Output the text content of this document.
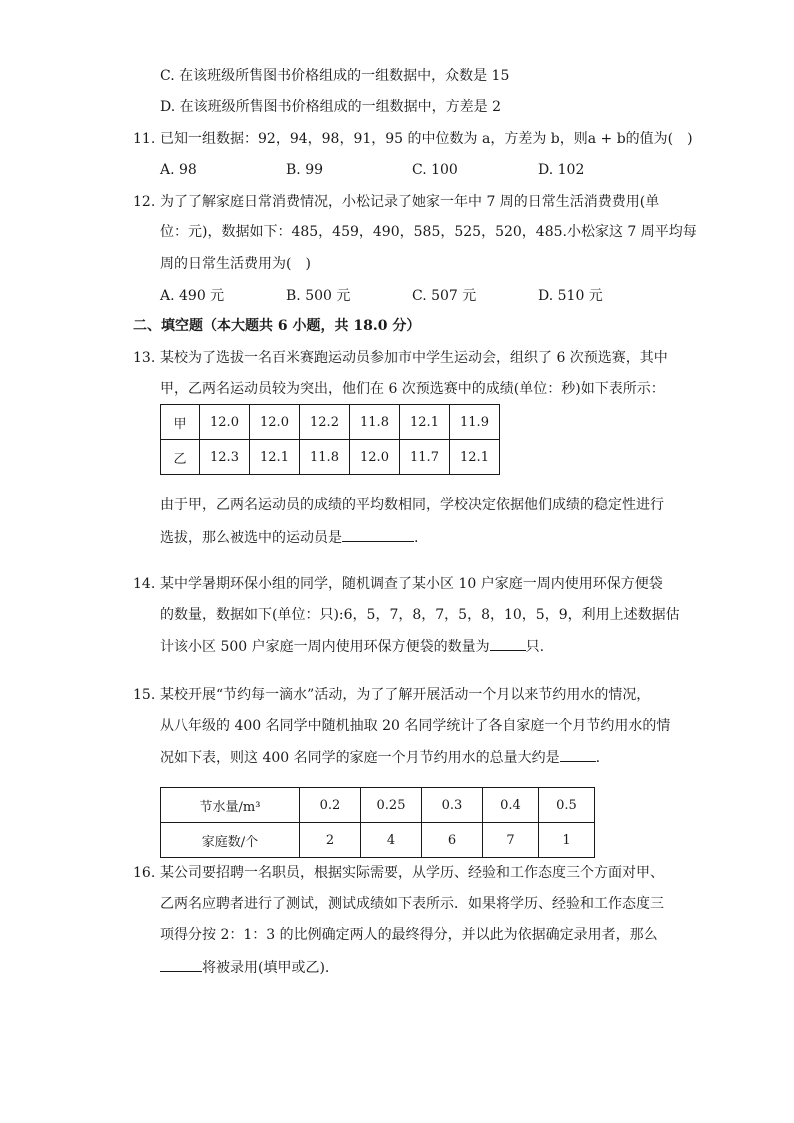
C. 在该班级所售图书价格组成的一组数据中，众数是 15
D. 在该班级所售图书价格组成的一组数据中，方差是 2
11. 已知一组数据：92，94，98，91，95 的中位数为 a，方差为 b，则a + b的值为(　)
A. 98	B. 99	C. 100	D. 102
12. 为了了解家庭日常消费情况，小松记录了她家一年中 7 周的日常生活消费费用(单
位：元)，数据如下：485，459，490，585，525，520，485.小松家这 7 周平均每
周的日常生活费用为(　)
A. 490 元	B. 500 元	C. 507 元	D. 510 元
二、填空题（本大题共 6 小题，共 18.0 分）
13. 某校为了选拔一名百米赛跑运动员参加市中学生运动会，组织了 6 次预选赛，其中
甲，乙两名运动员较为突出，他们在 6 次预选赛中的成绩(单位：秒)如下表所示：
甲	12.0	12.0	12.2	11.8	12.1	11.9
乙	12.3	12.1	11.8	12.0	11.7	12.1
由于甲，乙两名运动员的成绩的平均数相同，学校决定依据他们成绩的稳定性进行
选拔，那么被选中的运动员是	.
14. 某中学暑期环保小组的同学，随机调查了某小区 10 户家庭一周内使用环保方便袋
的数量，数据如下(单位：只):6，5，7，8，7，5，8，10，5，9，利用上述数据估
计该小区 500 户家庭一周内使用环保方便袋的数量为	只.
15. 某校开展“节约每一滴水”活动，为了了解开展活动一个月以来节约用水的情况，
从八年级的 400 名同学中随机抽取 20 名同学统计了各自家庭一个月节约用水的情
况如下表，则这 400 名同学的家庭一个月节约用水的总量大约是	.
节水量/m³	0.2	0.25	0.3	0.4	0.5
家庭数/个	2	4	6	7	1
16. 某公司要招聘一名职员，根据实际需要，从学历、经验和工作态度三个方面对甲、
乙两名应聘者进行了测试，测试成绩如下表所示．如果将学历、经验和工作态度三
项得分按 2：1：3 的比例确定两人的最终得分，并以此为依据确定录用者，那么
将被录用(填甲或乙).
